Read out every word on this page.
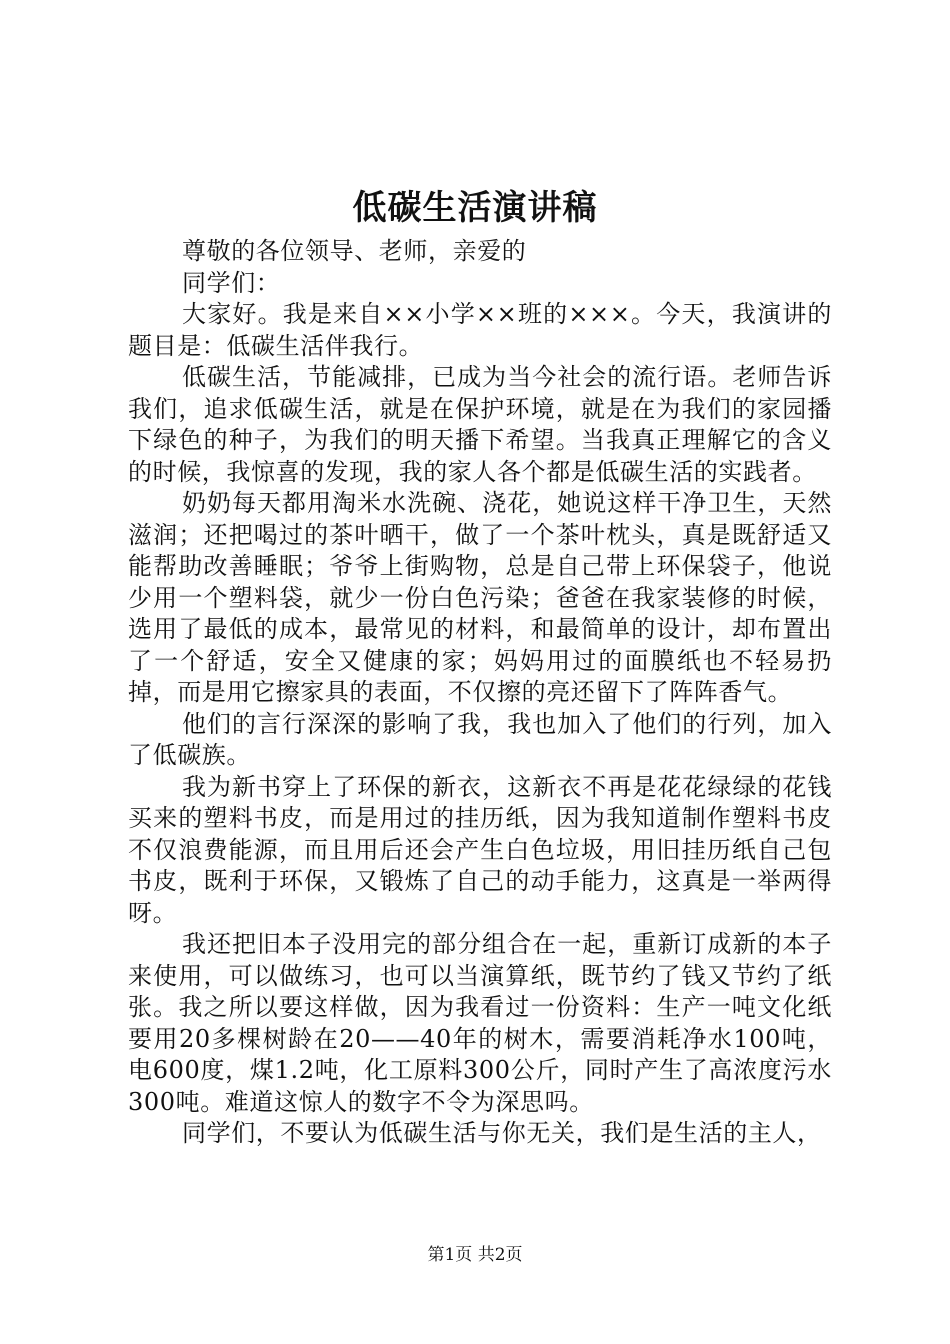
低碳生活演讲稿

尊敬的各位领导、老师，亲爱的

同学们：

大家好。我是来自××小学××班的×××。今天，我演讲的题目是：低碳生活伴我行。

低碳生活，节能减排，已成为当今社会的流行语。老师告诉我们，追求低碳生活，就是在保护环境，就是在为我们的家园播下绿色的种子，为我们的明天播下希望。当我真正理解它的含义的时候，我惊喜的发现，我的家人各个都是低碳生活的实践者。

奶奶每天都用淘米水洗碗、浇花，她说这样干净卫生，天然滋润；还把喝过的茶叶晒干，做了一个茶叶枕头，真是既舒适又能帮助改善睡眠；爷爷上街购物，总是自己带上环保袋子，他说少用一个塑料袋，就少一份白色污染；爸爸在我家装修的时候，选用了最低的成本，最常见的材料，和最简单的设计，却布置出了一个舒适，安全又健康的家；妈妈用过的面膜纸也不轻易扔掉，而是用它擦家具的表面，不仅擦的亮还留下了阵阵香气。

他们的言行深深的影响了我，我也加入了他们的行列，加入了低碳族。

我为新书穿上了环保的新衣，这新衣不再是花花绿绿的花钱买来的塑料书皮，而是用过的挂历纸，因为我知道制作塑料书皮不仅浪费能源，而且用后还会产生白色垃圾，用旧挂历纸自己包书皮，既利于环保，又锻炼了自己的动手能力，这真是一举两得呀。

我还把旧本子没用完的部分组合在一起，重新订成新的本子来使用，可以做练习，也可以当演算纸，既节约了钱又节约了纸张。我之所以要这样做，因为我看过一份资料：生产一吨文化纸要用20多棵树龄在20——40年的树木，需要消耗净水100吨，电600度，煤1.2吨，化工原料300公斤，同时产生了高浓度污水300吨。难道这惊人的数字不令为深思吗。

同学们，不要认为低碳生活与你无关，我们是生活的主人，

第1页 共2页
